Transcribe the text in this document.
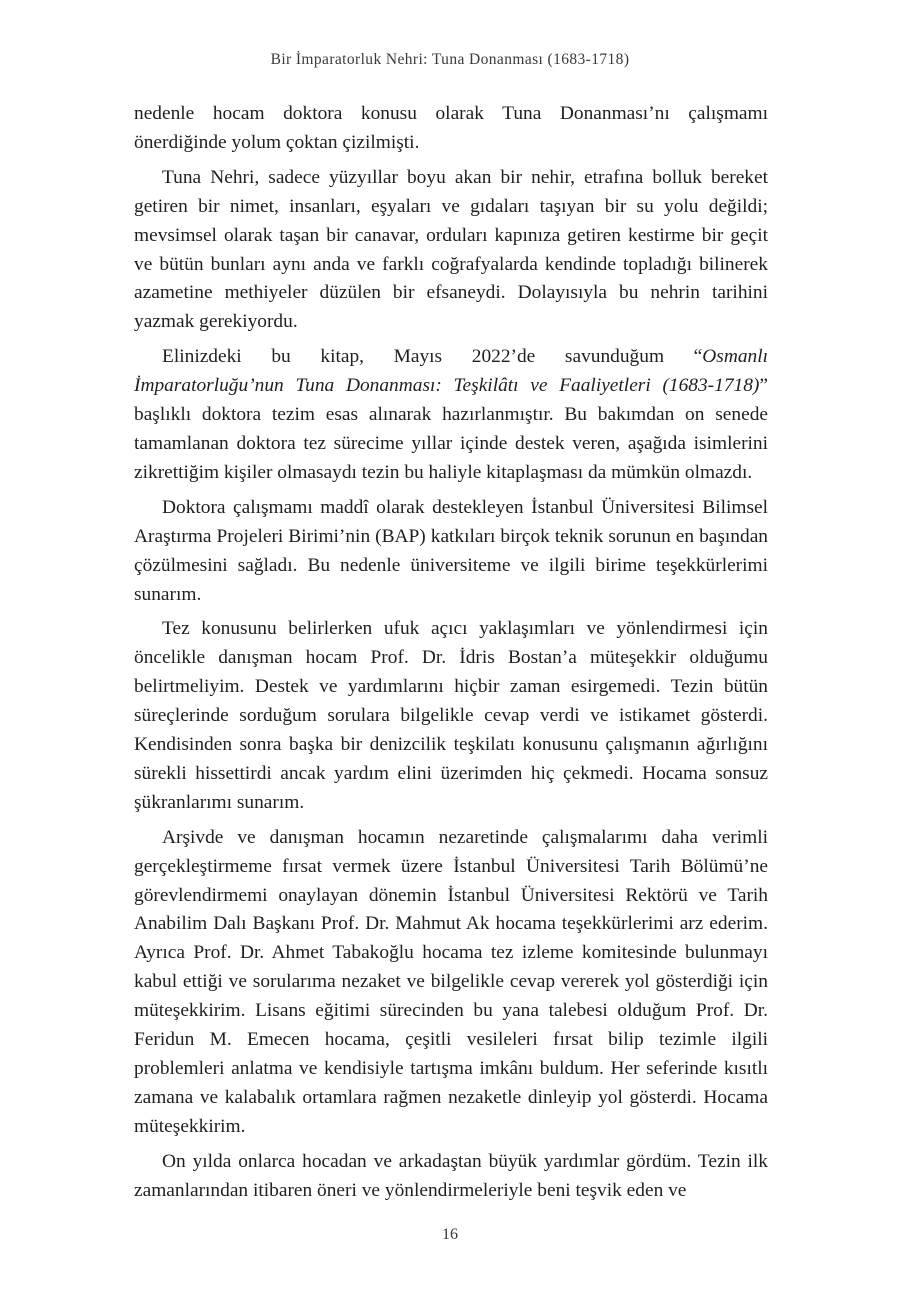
Bir İmparatorluk Nehri: Tuna Donanması (1683-1718)

nedenle hocam doktora konusu olarak Tuna Donanması’nı çalışmamı önerdiğinde yolum çoktan çizilmişti.

Tuna Nehri, sadece yüzyıllar boyu akan bir nehir, etrafına bolluk bereket getiren bir nimet, insanları, eşyaları ve gıdaları taşıyan bir su yolu değildi; mevsimsel olarak taşan bir canavar, orduları kapınıza getiren kestirme bir geçit ve bütün bunları aynı anda ve farklı coğrafyalarda kendinde topladığı bilinerek azametine methiyeler düzülen bir efsaneydi. Dolayısıyla bu nehrin tarihini yazmak gerekiyordu.

Elinizdeki bu kitap, Mayıs 2022’de savunduğum “Osmanlı İmparatorluğu’nun Tuna Donanması: Teşkilâtı ve Faaliyetleri (1683-1718)” başlıklı doktora tezim esas alınarak hazırlanmıştır. Bu bakımdan on senede tamamlanan doktora tez sürecime yıllar içinde destek veren, aşağıda isimlerini zikrettiğim kişiler olmasaydı tezin bu haliyle kitaplaşması da mümkün olmazdı.

Doktora çalışmamı maddî olarak destekleyen İstanbul Üniversitesi Bilimsel Araştırma Projeleri Birimi’nin (BAP) katkıları birçok teknik sorunun en başından çözülmesini sağladı. Bu nedenle üniversiteme ve ilgili birime teşekkürlerimi sunarım.

Tez konusunu belirlerken ufuk açıcı yaklaşımları ve yönlendirmesi için öncelikle danışman hocam Prof. Dr. İdris Bostan’a müteşekkir olduğumu belirtmeliyim. Destek ve yardımlarını hiçbir zaman esirgemedi. Tezin bütün süreçlerinde sorduğum sorulara bilgelikle cevap verdi ve istikamet gösterdi. Kendisinden sonra başka bir denizcilik teşkilatı konusunu çalışmanın ağırlığını sürekli hissettirdi ancak yardım elini üzerimden hiç çekmedi. Hocama sonsuz şükranlarımı sunarım.

Arşivde ve danışman hocamın nezaretinde çalışmalarımı daha verimli gerçekleştirmeme fırsat vermek üzere İstanbul Üniversitesi Tarih Bölümü’ne görevlendirmemi onaylayan dönemin İstanbul Üniversitesi Rektörü ve Tarih Anabilim Dalı Başkanı Prof. Dr. Mahmut Ak hocama teşekkürlerimi arz ederim. Ayrıca Prof. Dr. Ahmet Tabakoğlu hocama tez izleme komitesinde bulunmayı kabul ettiği ve sorularıma nezaket ve bilgelikle cevap vererek yol gösterdiği için müteşekkirim. Lisans eğitimi sürecinden bu yana talebesi olduğum Prof. Dr. Feridun M. Emecen hocama, çeşitli vesileleri fırsat bilip tezimle ilgili problemleri anlatma ve kendisiyle tartışma imkânı buldum. Her seferinde kısıtlı zamana ve kalabalık ortamlara rağmen nezaketle dinleyip yol gösterdi. Hocama müteşekkirim.

On yılda onlarca hocadan ve arkadaştan büyük yardımlar gördüm. Tezin ilk zamanlarından itibaren öneri ve yönlendirmeleriyle beni teşvik eden ve

16
